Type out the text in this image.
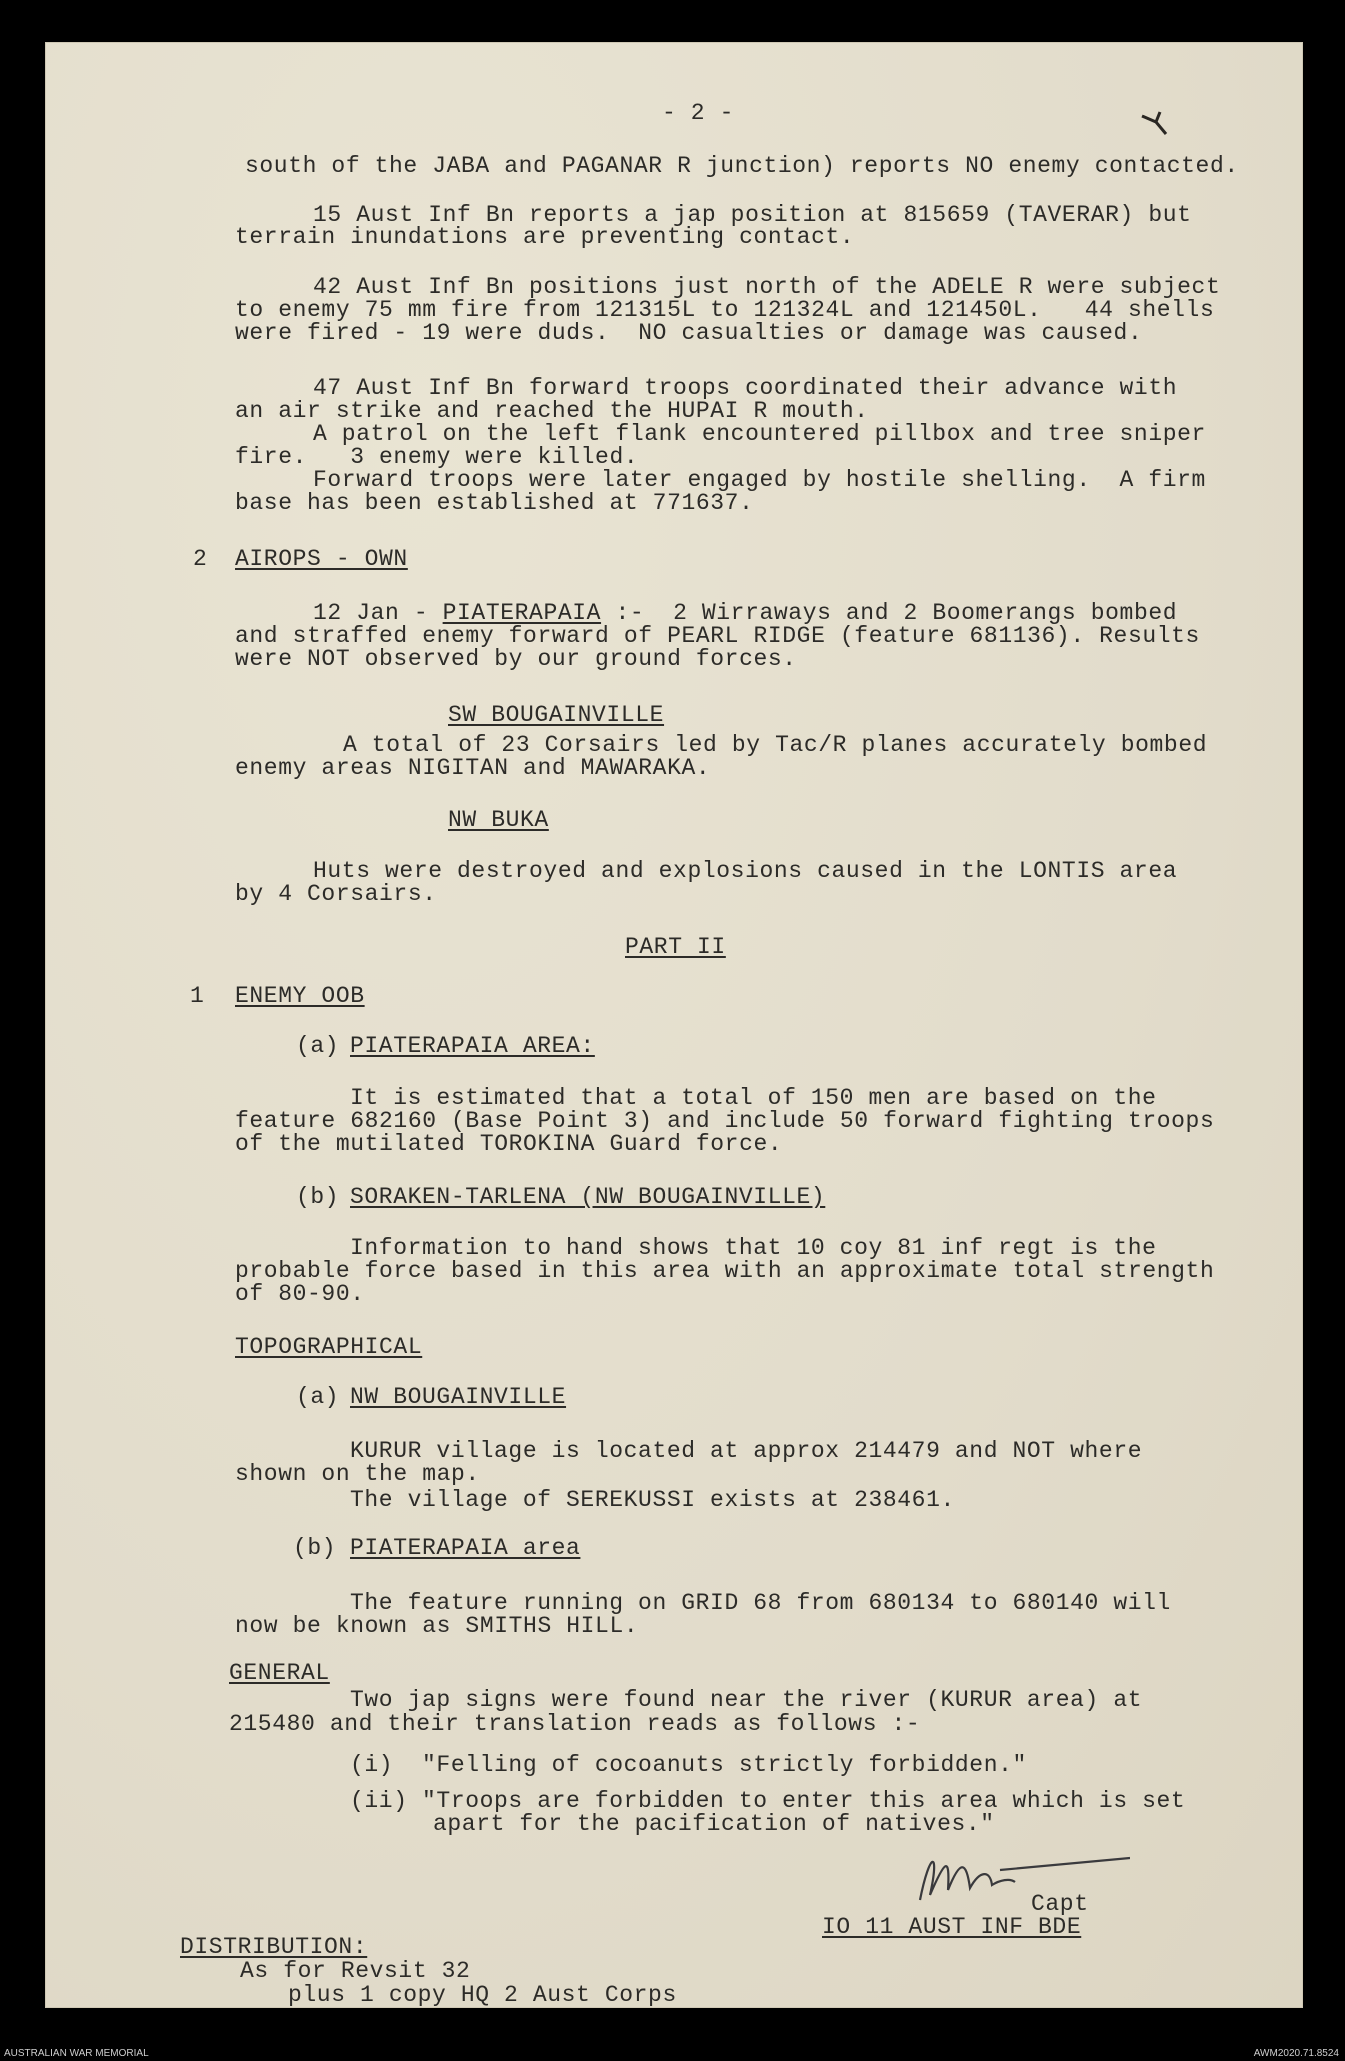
- 2 -
south of the JABA and PAGANAR R junction) reports NO enemy contacted.
15 Aust Inf Bn reports a jap position at 815659 (TAVERAR) but
terrain inundations are preventing contact.
42 Aust Inf Bn positions just north of the ADELE R were subject
to enemy 75 mm fire from 121315L to 121324L and 121450L.   44 shells
were fired - 19 were duds.  NO casualties or damage was caused.
47 Aust Inf Bn forward troops coordinated their advance with
an air strike and reached the HUPAI R mouth.
A patrol on the left flank encountered pillbox and tree sniper
fire.   3 enemy were killed.
Forward troops were later engaged by hostile shelling.  A firm
base has been established at 771637.
2 AIROPS - OWN
12 Jan - PIATERAPAIA :-  2 Wirraways and 2 Boomerangs bombed
and straffed enemy forward of PEARL RIDGE (feature 681136). Results
were NOT observed by our ground forces.
SW BOUGAINVILLE
A total of 23 Corsairs led by Tac/R planes accurately bombed
enemy areas NIGITAN and MAWARAKA.
NW BUKA
Huts were destroyed and explosions caused in the LONTIS area
by 4 Corsairs.
PART II
1 ENEMY OOB
(a)
PIATERAPAIA AREA:
It is estimated that a total of 150 men are based on the
feature 682160 (Base Point 3) and include 50 forward fighting troops
of the mutilated TOROKINA Guard force.
(b)
SORAKEN-TARLENA (NW BOUGAINVILLE)
Information to hand shows that 10 coy 81 inf regt is the
probable force based in this area with an approximate total strength
of 80-90.
TOPOGRAPHICAL
(a)
NW BOUGAINVILLE
KURUR village is located at approx 214479 and NOT where
shown on the map.
The village of SEREKUSSI exists at 238461.
(b) PIATERAPAIA area
The feature running on GRID 68 from 680134 to 680140 will
now be known as SMITHS HILL.
GENERAL
Two jap signs were found near the river (KURUR area) at
215480 and their translation reads as follows :-
(i)  "Felling of cocoanuts strictly forbidden."
(ii) "Troops are forbidden to enter this area which is set
apart for the pacification of natives."
Capt
IO 11 AUST INF BDE
DISTRIBUTION:
As for Revsit 32
plus 1 copy HQ 2 Aust Corps
AUSTRALIAN WAR MEMORIAL	AWM2020.71.8524
